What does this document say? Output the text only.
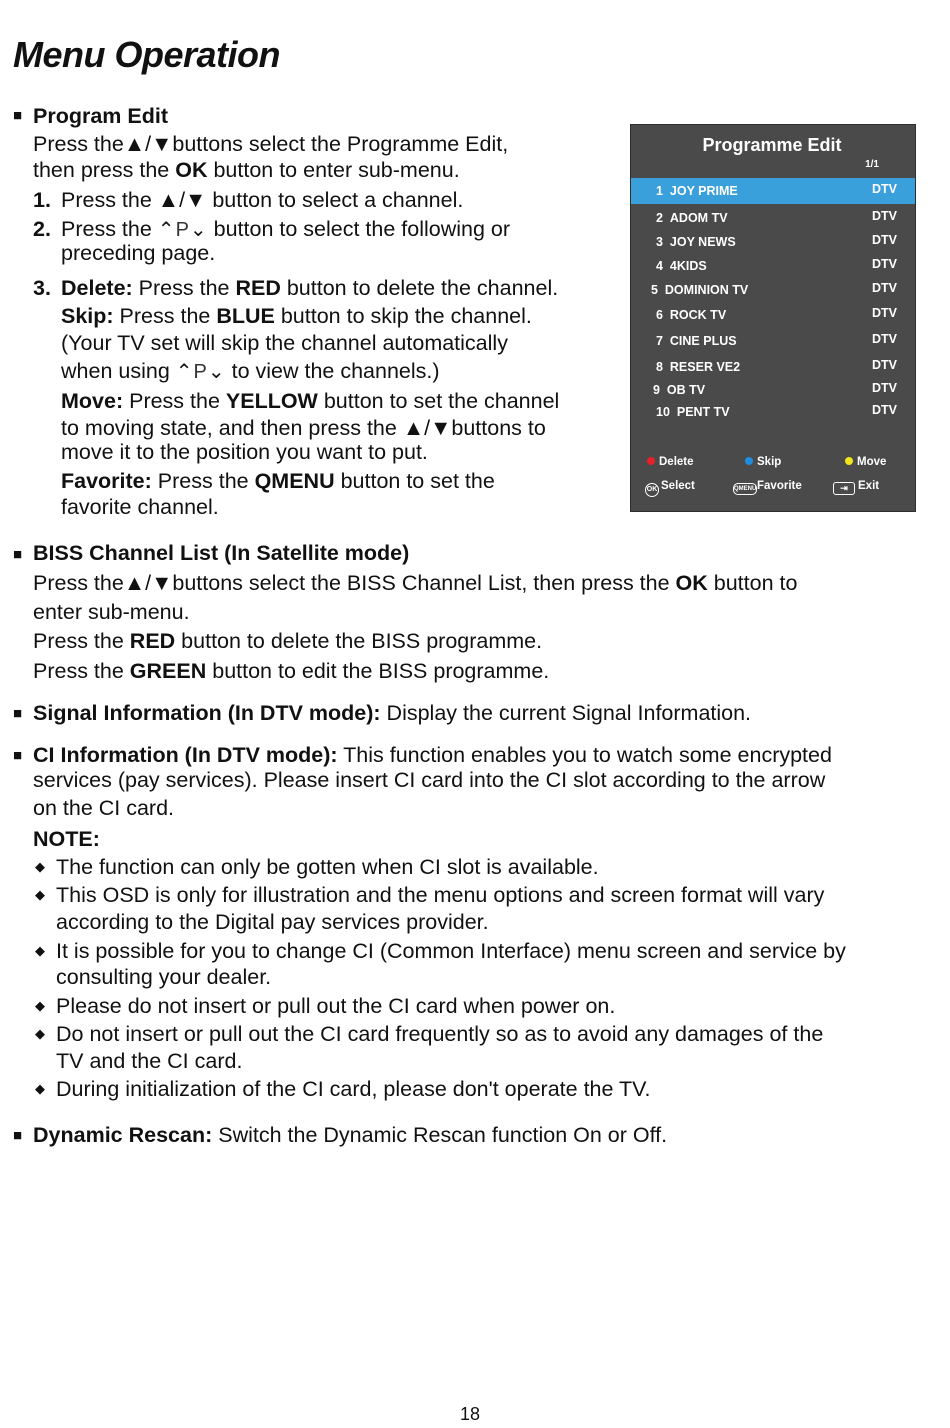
Menu Operation
■ Program Edit
Press the▲/▼buttons select the Programme Edit,
then press the OK button to enter sub-menu.
1. Press the ▲/▼ button to select a channel.
2. Press the ⌃P⌄ button to select the following or
preceding page.
3. Delete: Press the RED button to delete the channel.
Skip: Press the BLUE button to skip the channel.
(Your TV set will skip the channel automatically
when using ⌃P⌄ to view the channels.)
Move: Press the YELLOW button to set the channel
to moving state, and then press the ▲/▼buttons to
move it to the position you want to put.
Favorite: Press the QMENU button to set the
favorite channel.
Programme Edit
1/1
1 JOY PRIME	DTV
2 ADOM TV	DTV
3 JOY NEWS	DTV
4 4KIDS	DTV
5 DOMINION TV	DTV
6 ROCK TV	DTV
7 CINE PLUS	DTV
8 RESER VE2	DTV
9 OB TV	DTV
10 PENT TV	DTV
Delete	Skip	Move
OK Select	QMENUFavorite	⇥ Exit
■ BISS Channel List (In Satellite mode)
Press the▲/▼buttons select the BISS Channel List, then press the OK button to
enter sub-menu.
Press the RED button to delete the BISS programme.
Press the GREEN button to edit the BISS programme.
■ Signal Information (In DTV mode): Display the current Signal Information.
■ CI Information (In DTV mode): This function enables you to watch some encrypted
services (pay services). Please insert CI card into the CI slot according to the arrow
on the CI card.
NOTE:
◆ The function can only be gotten when CI slot is available.
◆ This OSD is only for illustration and the menu options and screen format will vary
according to the Digital pay services provider.
◆ It is possible for you to change CI (Common Interface) menu screen and service by
consulting your dealer.
◆ Please do not insert or pull out the CI card when power on.
◆ Do not insert or pull out the CI card frequently so as to avoid any damages of the
TV and the CI card.
◆ During initialization of the CI card, please don't operate the TV.
■ Dynamic Rescan: Switch the Dynamic Rescan function On or Off.
18
